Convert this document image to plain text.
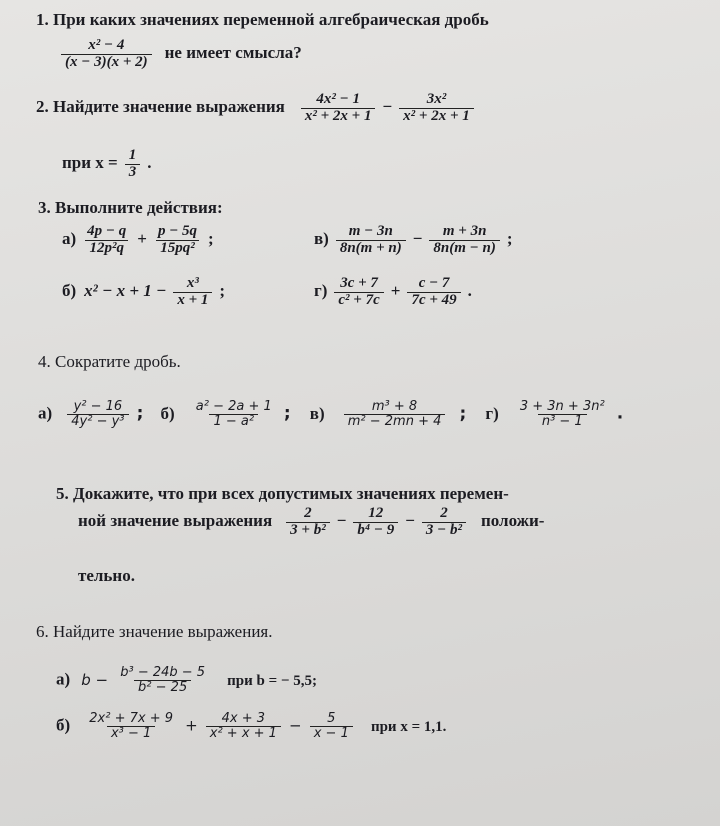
1. При каких значениях переменной алгебраическая дробь
$\frac{\text{x² − 4}}{(x - 3)(x + 2)}$ не имеет смысла?
2. Найдите значение выражения $\frac{\text{4x² − 1}}{\text{x² + 2x + 1}} - \frac{\text{3x²}}{\text{x² + 2x + 1}}$
при $x = \frac{1}{3}$ .
3. Выполните действия:
$а) \frac{4p - q}{\text{12p²q}} + \frac{p - 5q}{\text{15pq²}}$ ;	$в) \frac{m - 3n}{8n(m + n)} - \frac{m + 3n}{8n(m - n)}$ ;
б) $x^2 - x + 1 - \frac{\text{x³}}{x + 1}$ ;	$г) \frac{3c + 7}{\text{c² + 7c}} + \frac{c - 7}{7c + 49}$ .
4. Сократите дробь.
$а) \frac{\text{y² − 16}}{\text{4y² − y³}}$ ; $б) \frac{\text{a² − 2a + 1}}{\text{1 − a²}}$ ; $в) \frac{\text{m³ + 8}}{\text{m² − 2mn + 4}}$ ; $г) \frac{\text{3 + 3n + 3n²}}{\text{n³ − 1}}$ .
5. Докажите, что при всех допустимых значениях перемен-
ной значение выражения $\frac{2}{\text{3 + b²}} - \frac{12}{\text{b⁴ − 9}} - \frac{2}{\text{3 − b²}}$ положи-
тельно.
6. Найдите значение выражения.
а) $b - \frac{\text{b³ − 24b − 5}}{\text{b² − 25}}$ при b = − 5,5;
$б) \frac{\text{2x² + 7x + 9}}{\text{x³ − 1}} + \frac{4x + 3}{\text{x² + x + 1}} - \frac{5}{x - 1}$ при x = 1,1.
